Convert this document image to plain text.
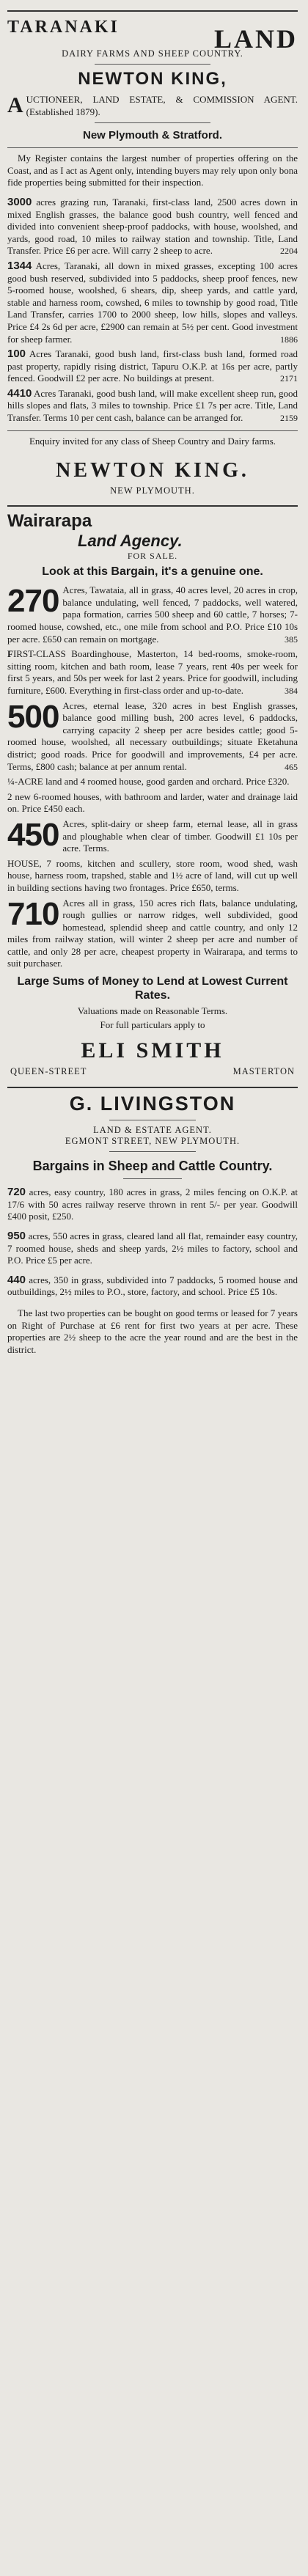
TARANAKI	LAND

DAIRY FARMS AND SHEEP COUNTRY.

NEWTON KING,

A UCTIONEER, LAND ESTATE, & COMMISSION AGENT. (Established 1879).

New Plymouth & Stratford.

My Register contains the largest number of properties offering on the Coast, and as I act as Agent only, intending buyers may rely upon only bona fide properties being submitted for their inspection.

3000 acres grazing run, Taranaki, first-class land, 2500 acres down in mixed English grasses, the balance good bush country, well fenced and divided into convenient sheep-proof paddocks, with house, woolshed, and yards, good road, 10 miles to railway station and township. Title, Land Transfer. Price £6 per acre. Will carry 2 sheep to acre.	2204
1344 Acres, Taranaki, all down in mixed grasses, excepting 100 acres good bush reserved, subdivided into 5 paddocks, sheep proof fences, new 5-roomed house, woolshed, 6 shears, dip, sheep yards, and cattle yard, stable and harness room, cowshed, 6 miles to township by good road, Title Land Transfer, carries 1700 to 2000 sheep, low hills, slopes and valleys. Price £4 2s 6d per acre, £2900 can remain at 5½ per cent. Good investment for sheep farmer.	1886
100 Acres Taranaki, good bush land, first-class bush land, formed road past property, rapidly rising district, Tapuru O.K.P. at 16s per acre, partly fenced. Goodwill £2 per acre. No buildings at present.	2171
4410 Acres Taranaki, good bush land, will make excellent sheep run, good hills slopes and flats, 3 miles to township. Price £1 7s per acre. Title, Land Transfer. Terms 10 per cent cash, balance can be arranged for.	2159

Enquiry invited for any class of Sheep Country and Dairy farms.

NEWTON KING.

NEW PLYMOUTH.

Wairarapa
Land Agency.

FOR SALE.

Look at this Bargain, it's a genuine one.

270 Acres, Tawataia, all in grass, 40 acres level, 20 acres in crop, balance undulating, well fenced, 7 paddocks, well watered, papa formation, carries 500 sheep and 60 cattle, 7 horses; 7-roomed house, cowshed, etc., one mile from school and P.O. Price £10 10s per acre. £650 can remain on mortgage.	385
FIRST-CLASS Boardinghouse, Masterton, 14 bed-rooms, smoke-room, sitting room, kitchen and bath room, lease 7 years, rent 40s per week for first 5 years, and 50s per week for last 2 years. Price for goodwill, including furniture, £600. Everything in first-class order and up-to-date.	384
500 Acres, eternal lease, 320 acres in best English grasses, balance good milling bush, 200 acres level, 6 paddocks, carrying capacity 2 sheep per acre besides cattle; good 5-roomed house, woolshed, all necessary outbuildings; situate Eketahuna district; good roads. Price for goodwill and improvements, £4 per acre. Terms, £800 cash; balance at per annum rental.	465
¼-ACRE land and 4 roomed house, good garden and orchard. Price £320.
2 new 6-roomed houses, with bathroom and larder, water and drainage laid on. Price £450 each.
450 Acres, split-dairy or sheep farm, eternal lease, all in grass and ploughable when clear of timber. Goodwill £1 10s per acre. Terms.
HOUSE, 7 rooms, kitchen and scullery, store room, wood shed, wash house, harness room, trapshed, stable and 1½ acre of land, will cut up well in building sections having two frontages. Price £650, terms.
710 Acres all in grass, 150 acres rich flats, balance undulating, rough gullies or narrow ridges, well subdivided, good homestead, splendid sheep and cattle country, and only 12 miles from railway station, will winter 2 sheep per acre and number of cattle, and only 28 per acre, cheapest property in Wairarapa, and terms to suit purchaser.

Large Sums of Money to Lend at Lowest Current Rates.

Valuations made on Reasonable Terms.

For full particulars apply to

ELI SMITH

QUEEN-STREET	MASTERTON

G. LIVINGSTON

LAND & ESTATE AGENT.

EGMONT STREET, NEW PLYMOUTH.

Bargains in Sheep and Cattle Country.

720 acres, easy country, 180 acres in grass, 2 miles fencing on O.K.P. at 17/6 with 50 acres railway reserve thrown in rent 5/- per year. Goodwill £400 posit, £250.
950 acres, 550 acres in grass, cleared land all flat, remainder easy country, 7 roomed house, sheds and sheep yards, 2½ miles to factory, school and P.O. Price £5 per acre.
440 acres, 350 in grass, subdivided into 7 paddocks, 5 roomed house and outbuildings, 2½ miles to P.O., store, factory, and school. Price £5 10s.

The last two properties can be bought on good terms or leased for 7 years on Right of Purchase at £6 rent for first two years at per acre. These properties are 2½ sheep to the acre the year round and are the best in the district.
